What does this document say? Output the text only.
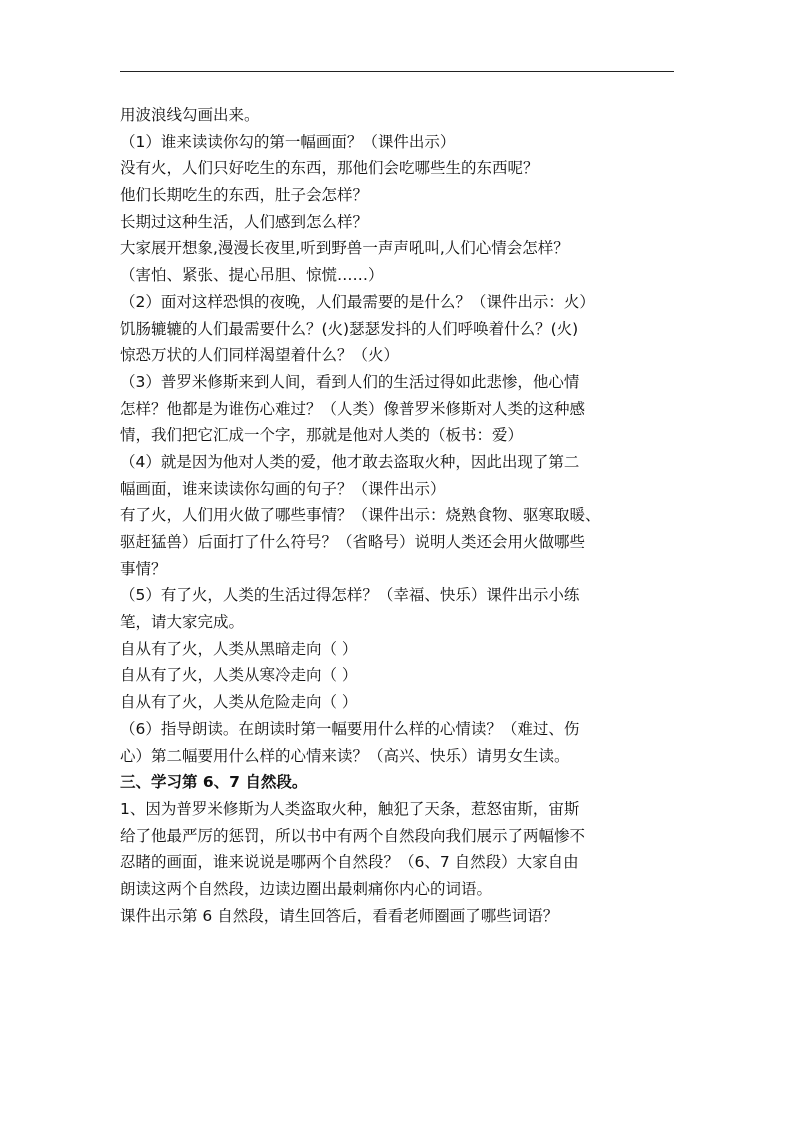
用波浪线勾画出来。
（1）谁来读读你勾的第一幅画面？（课件出示）
没有火，人们只好吃生的东西，那他们会吃哪些生的东西呢？
他们长期吃生的东西，肚子会怎样？
长期过这种生活，人们感到怎么样？
大家展开想象,漫漫长夜里,听到野兽一声声吼叫,人们心情会怎样？
（害怕、紧张、提心吊胆、惊慌……）
（2）面对这样恐惧的夜晚，人们最需要的是什么？（课件出示：火）
饥肠辘辘的人们最需要什么？(火)瑟瑟发抖的人们呼唤着什么？(火)
惊恐万状的人们同样渴望着什么？（火）
（3）普罗米修斯来到人间，看到人们的生活过得如此悲惨，他心情
怎样？他都是为谁伤心难过？（人类）像普罗米修斯对人类的这种感
情，我们把它汇成一个字，那就是他对人类的（板书：爱）
（4）就是因为他对人类的爱，他才敢去盗取火种，因此出现了第二
幅画面，谁来读读你勾画的句子？（课件出示）
有了火，人们用火做了哪些事情？（课件出示：烧熟食物、驱寒取暖、
驱赶猛兽）后面打了什么符号？（省略号）说明人类还会用火做哪些
事情？
（5）有了火，人类的生活过得怎样？（幸福、快乐）课件出示小练
笔，请大家完成。
自从有了火，人类从黑暗走向（ ）
自从有了火，人类从寒冷走向（ ）
自从有了火，人类从危险走向（ ）
（6）指导朗读。在朗读时第一幅要用什么样的心情读？（难过、伤
心）第二幅要用什么样的心情来读？（高兴、快乐）请男女生读。
三、学习第 6、7 自然段。
1、因为普罗米修斯为人类盗取火种，触犯了天条，惹怒宙斯，宙斯
给了他最严厉的惩罚，所以书中有两个自然段向我们展示了两幅惨不
忍睹的画面，谁来说说是哪两个自然段？（6、7 自然段）大家自由
朗读这两个自然段，边读边圈出最刺痛你内心的词语。
课件出示第 6 自然段，请生回答后，看看老师圈画了哪些词语？
